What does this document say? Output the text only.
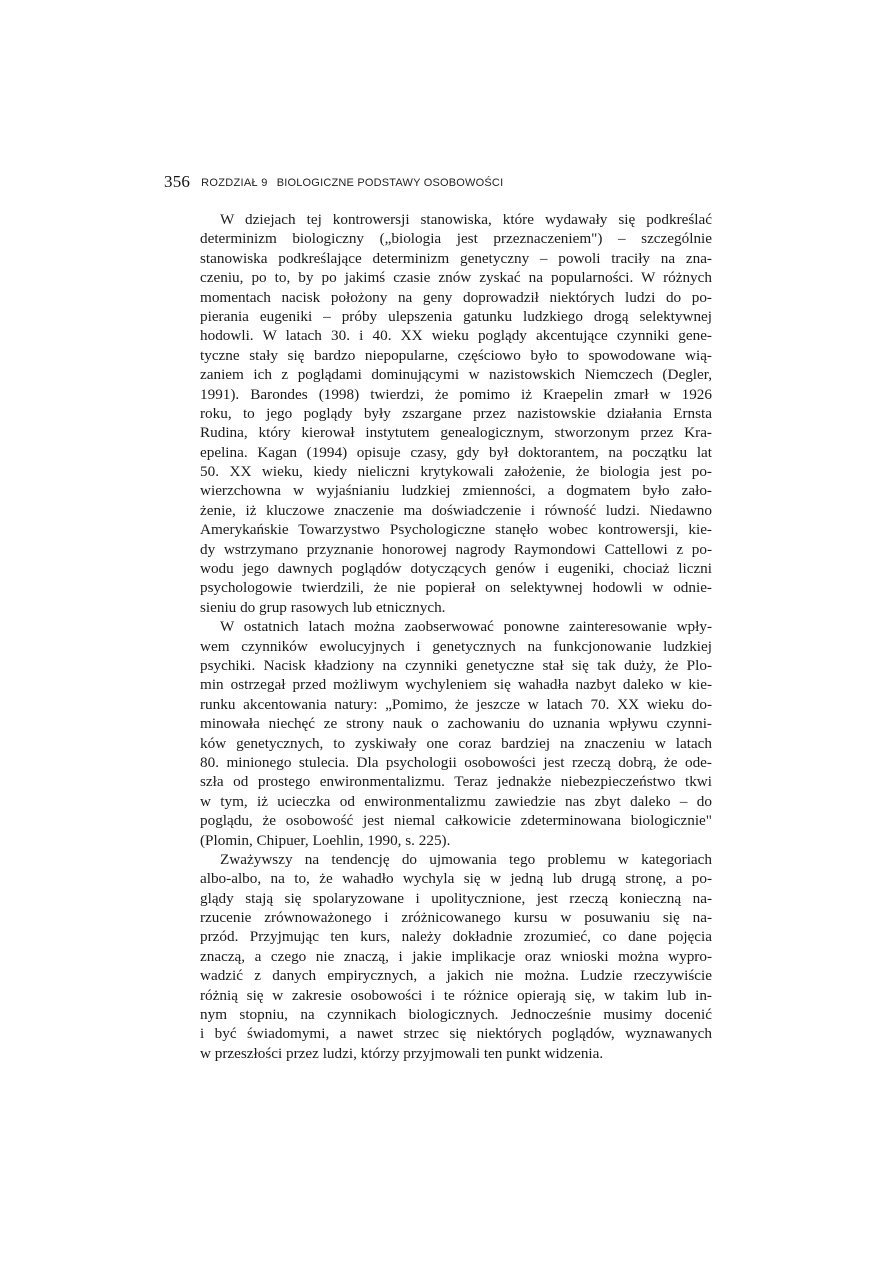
356 ROZDZIAŁ 9 BIOLOGICZNE PODSTAWY OSOBOWOŚCI
W dziejach tej kontrowersji stanowiska, które wydawały się podkreślać
determinizm biologiczny („biologia jest przeznaczeniem") – szczególnie
stanowiska podkreślające determinizm genetyczny – powoli traciły na zna-
czeniu, po to, by po jakimś czasie znów zyskać na popularności. W różnych
momentach nacisk położony na geny doprowadził niektórych ludzi do po-
pierania eugeniki – próby ulepszenia gatunku ludzkiego drogą selektywnej
hodowli. W latach 30. i 40. XX wieku poglądy akcentujące czynniki gene-
tyczne stały się bardzo niepopularne, częściowo było to spowodowane wią-
zaniem ich z poglądami dominującymi w nazistowskich Niemczech (Degler,
1991). Barondes (1998) twierdzi, że pomimo iż Kraepelin zmarł w 1926
roku, to jego poglądy były zszargane przez nazistowskie działania Ernsta
Rudina, który kierował instytutem genealogicznym, stworzonym przez Kra-
epelina. Kagan (1994) opisuje czasy, gdy był doktorantem, na początku lat
50. XX wieku, kiedy nieliczni krytykowali założenie, że biologia jest po-
wierzchowna w wyjaśnianiu ludzkiej zmienności, a dogmatem było zało-
żenie, iż kluczowe znaczenie ma doświadczenie i równość ludzi. Niedawno
Amerykańskie Towarzystwo Psychologiczne stanęło wobec kontrowersji, kie-
dy wstrzymano przyznanie honorowej nagrody Raymondowi Cattellowi z po-
wodu jego dawnych poglądów dotyczących genów i eugeniki, chociaż liczni
psychologowie twierdzili, że nie popierał on selektywnej hodowli w odnie-
sieniu do grup rasowych lub etnicznych.
W ostatnich latach można zaobserwować ponowne zainteresowanie wpły-
wem czynników ewolucyjnych i genetycznych na funkcjonowanie ludzkiej
psychiki. Nacisk kładziony na czynniki genetyczne stał się tak duży, że Plo-
min ostrzegał przed możliwym wychyleniem się wahadła nazbyt daleko w kie-
runku akcentowania natury: „Pomimo, że jeszcze w latach 70. XX wieku do-
minowała niechęć ze strony nauk o zachowaniu do uznania wpływu czynni-
ków genetycznych, to zyskiwały one coraz bardziej na znaczeniu w latach
80. minionego stulecia. Dla psychologii osobowości jest rzeczą dobrą, że ode-
szła od prostego enwironmentalizmu. Teraz jednakże niebezpieczeństwo tkwi
w tym, iż ucieczka od enwironmentalizmu zawiedzie nas zbyt daleko – do
poglądu, że osobowość jest niemal całkowicie zdeterminowana biologicznie"
(Plomin, Chipuer, Loehlin, 1990, s. 225).
Zważywszy na tendencję do ujmowania tego problemu w kategoriach
albo-albo, na to, że wahadło wychyla się w jedną lub drugą stronę, a po-
glądy stają się spolaryzowane i upolitycznione, jest rzeczą konieczną na-
rzucenie zrównoważonego i zróżnicowanego kursu w posuwaniu się na-
przód. Przyjmując ten kurs, należy dokładnie zrozumieć, co dane pojęcia
znaczą, a czego nie znaczą, i jakie implikacje oraz wnioski można wypro-
wadzić z danych empirycznych, a jakich nie można. Ludzie rzeczywiście
różnią się w zakresie osobowości i te różnice opierają się, w takim lub in-
nym stopniu, na czynnikach biologicznych. Jednocześnie musimy docenić
i być świadomymi, a nawet strzec się niektórych poglądów, wyznawanych
w przeszłości przez ludzi, którzy przyjmowali ten punkt widzenia.
